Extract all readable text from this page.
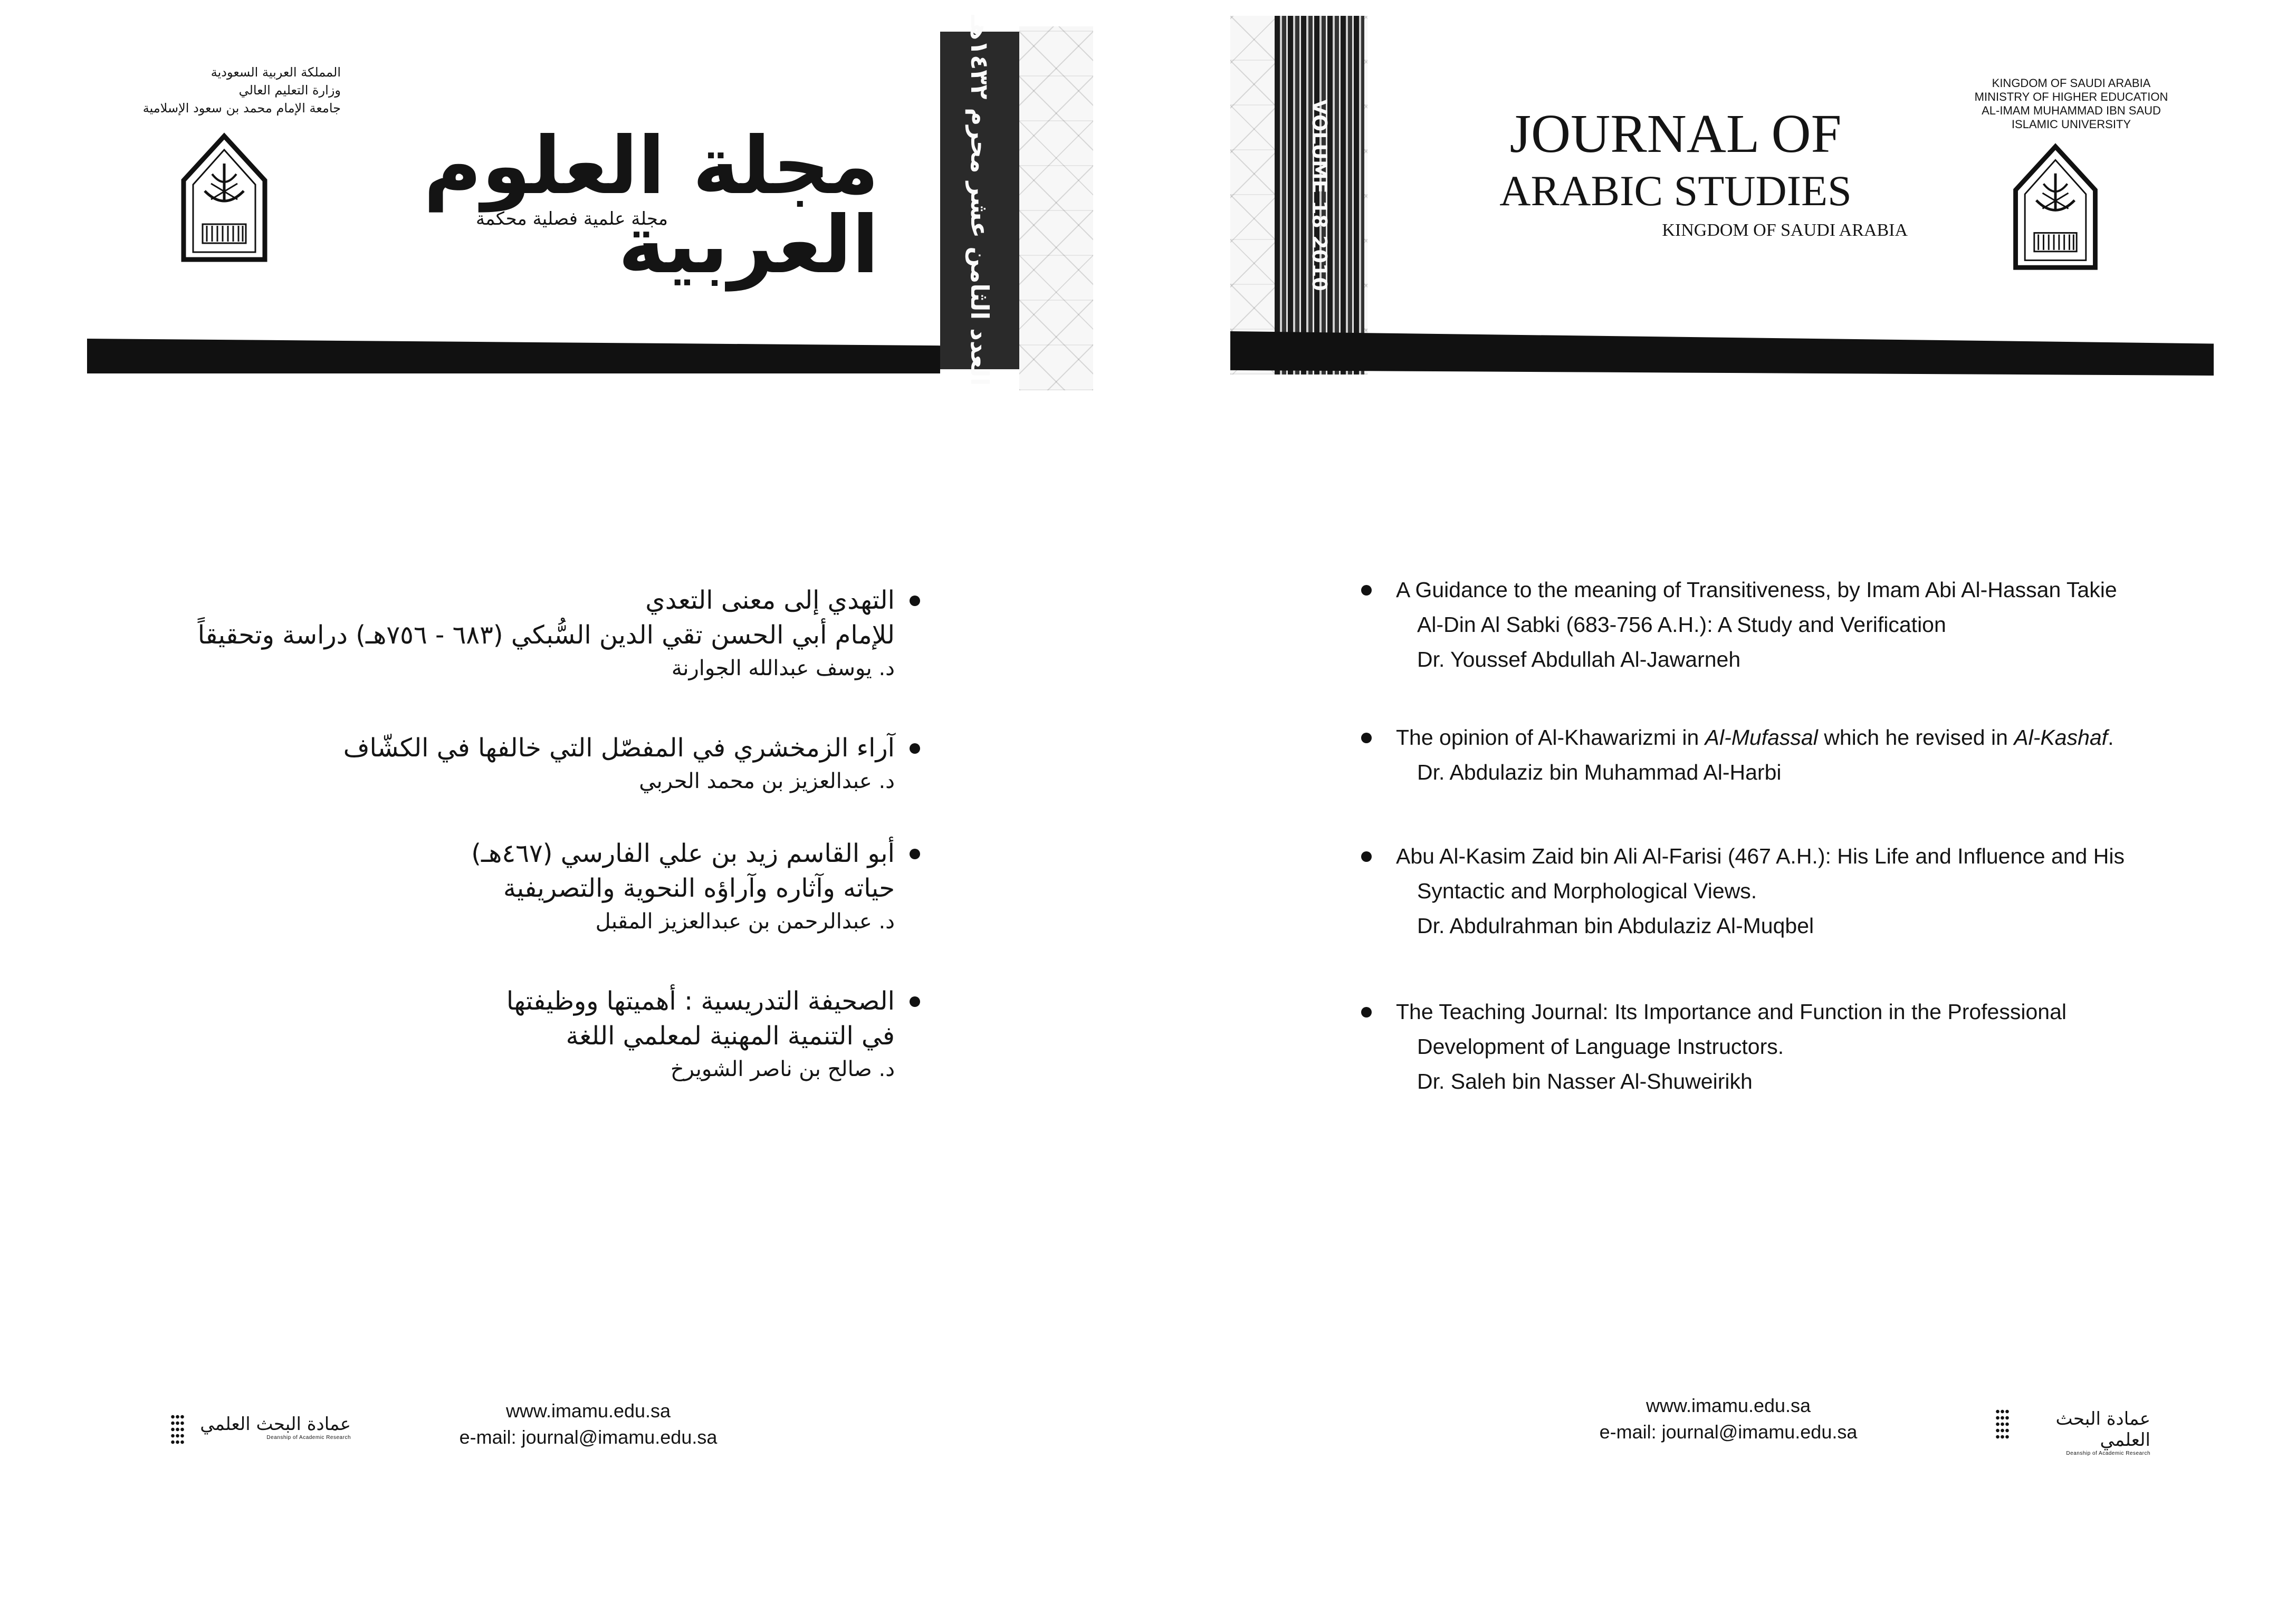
المملكة العربية السعودية
وزارة التعليم العالي
جامعة الإمام محمد بن سعود الإسلامية
مجلة العلوم العربية
مجلة علمية فصلية محكمة
العدد الثامن عشر محرم ١٤٣٢هـ
التهدي إلى معنى التعدي
للإمام أبي الحسن تقي الدين السُّبكي (٦٨٣ - ٧٥٦هـ) دراسة وتحقيقاً
د. يوسف عبدالله الجوارنة
آراء الزمخشري في المفصّل التي خالفها في الكشّاف
د. عبدالعزيز بن محمد الحربي
أبو القاسم زيد بن علي الفارسي (٤٦٧هـ)
حياته وآثاره وآراؤه النحوية والتصريفية
د. عبدالرحمن بن عبدالعزيز المقبل
الصحيفة التدريسية : أهميتها ووظيفتها
في التنمية المهنية لمعلمي اللغة
د. صالح بن ناصر الشويرخ
عمادة البحث العلمي
Deanship of Academic Research
www.imamu.edu.sa
e-mail: journal@imamu.edu.sa
VOLUME 18 2010	JOURNAL OF
ARABIC STUDIES
KINGDOM OF SAUDI ARABIA
KINGDOM OF SAUDI ARABIA
MINISTRY OF HIGHER EDUCATION
AL-IMAM MUHAMMAD IBN SAUD
ISLAMIC UNIVERSITY
A Guidance to the meaning of Transitiveness, by Imam Abi Al-Hassan Takie
Al-Din Al Sabki (683-756 A.H.): A Study and Verification
Dr. Youssef Abdullah Al-Jawarneh
The opinion of Al-Khawarizmi in Al-Mufassal which he revised in Al-Kashaf.
Dr. Abdulaziz bin Muhammad Al-Harbi
Abu Al-Kasim Zaid bin Ali Al-Farisi (467 A.H.): His Life and Influence and His
Syntactic and Morphological Views.
Dr. Abdulrahman bin Abdulaziz Al-Muqbel
The Teaching Journal: Its Importance and Function in the Professional
Development of Language Instructors.
Dr. Saleh bin Nasser Al-Shuweirikh
www.imamu.edu.sa
e-mail: journal@imamu.edu.sa
عمادة البحث العلمي
Deanship of Academic Research
